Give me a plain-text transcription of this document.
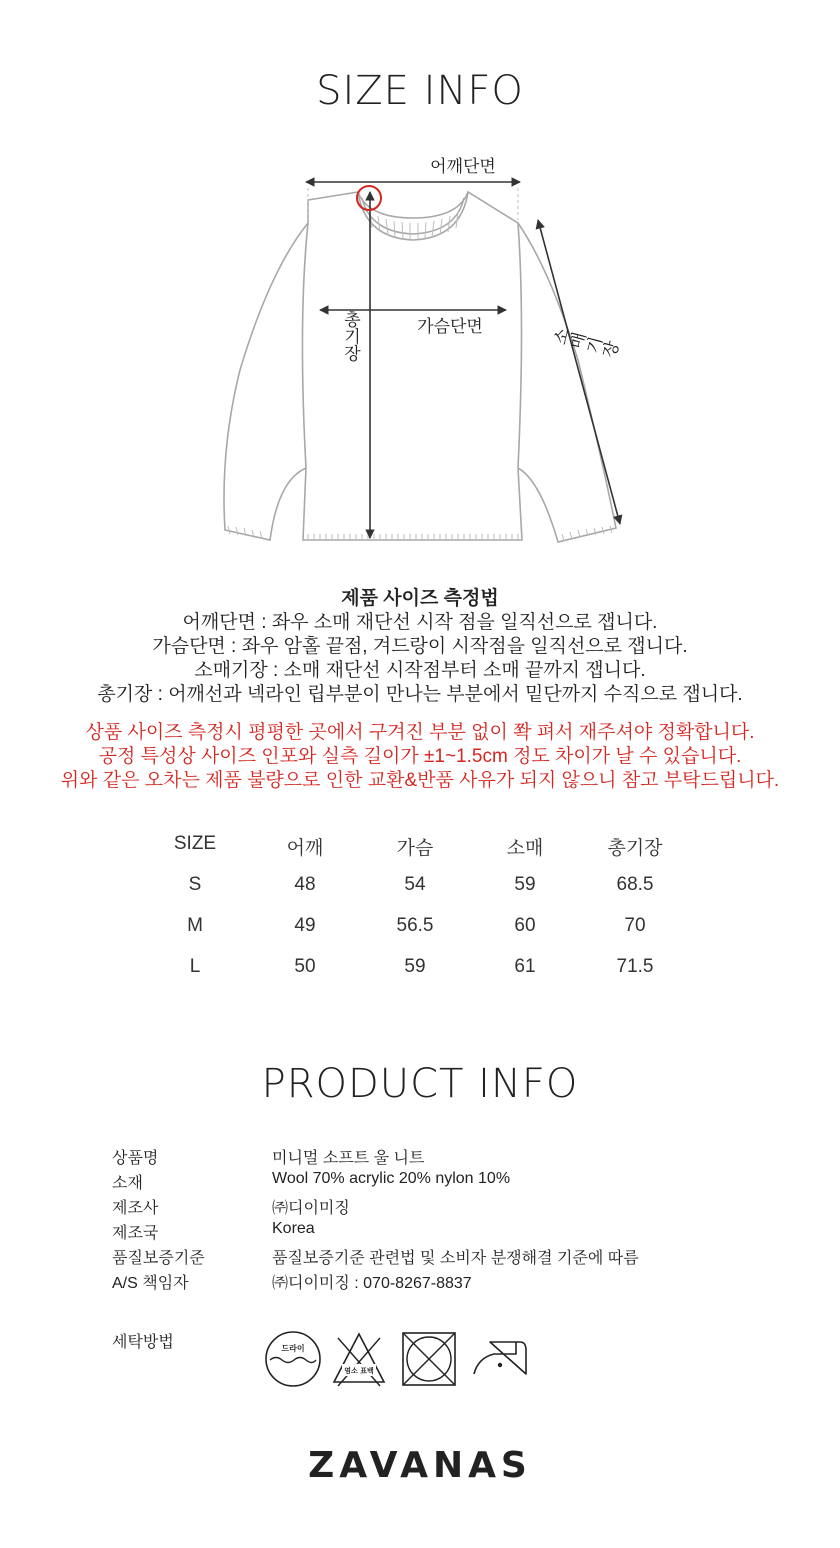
SIZE INFO
어깨단면
가슴단면
총기장	소매기장
제품 사이즈 측정법
어깨단면 : 좌우 소매 재단선 시작 점을 일직선으로 잽니다.
가슴단면 : 좌우 암홀 끝점, 겨드랑이 시작점을 일직선으로 잽니다.
소매기장 : 소매 재단선 시작점부터 소매 끝까지 잽니다.
총기장 : 어깨선과 넥라인 립부분이 만나는 부분에서 밑단까지 수직으로 잽니다.
상품 사이즈 측정시 평평한 곳에서 구겨진 부분 없이 쫙 펴서 재주셔야 정확합니다.
공정 특성상 사이즈 인포와 실측 길이가 ±1~1.5cm 정도 차이가 날 수 있습니다.
위와 같은 오차는 제품 불량으로 인한 교환&반품 사유가 되지 않으니 참고 부탁드립니다.
SIZE	어깨	가슴	소매	총기장
S	48	54	59	68.5
M	49	56.5	60	70
L	50	59	61	71.5
PRODUCT INFO
상품명	미니멀 소프트 울 니트
소재	Wool 70% acrylic 20% nylon 10%
제조사	㈜디이미징
제조국	Korea
품질보증기준	품질보증기준 관련법 및 소비자 분쟁해결 기준에 따름
A/S 책임자	㈜디이미징 : 070-8267-8837
세탁방법	드라이
염소 표백
ZAVANAS
